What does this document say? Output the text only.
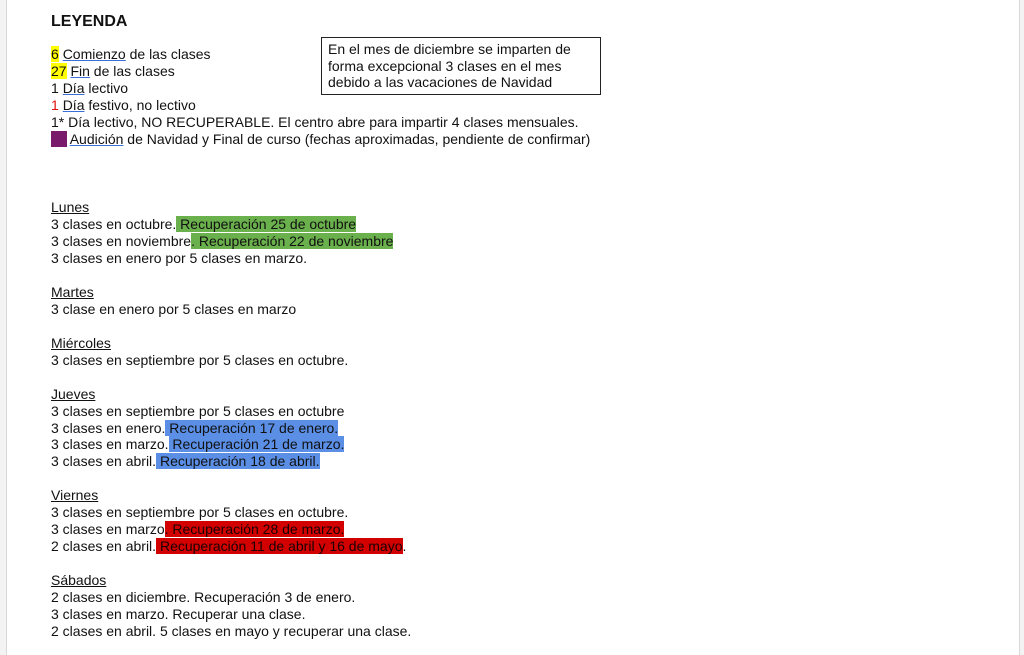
LEYENDA
6 Comienzo de las clases
27 Fin de las clases
1 Día lectivo
1 Día festivo, no lectivo
1* Día lectivo, NO RECUPERABLE. El centro abre para impartir 4 clases mensuales.
20 Audición de Navidad y Final de curso (fechas aproximadas, pendiente de confirmar)
Lunes
3 clases en octubre. Recuperación 25 de octubre
3 clases en noviembre. Recuperación 22 de noviembre
3 clases en enero por 5 clases en marzo.
Martes
3 clase en enero por 5 clases en marzo
Miércoles
3 clases en septiembre por 5 clases en octubre.
Jueves
3 clases en septiembre por 5 clases en octubre
3 clases en enero. Recuperación 17 de enero.
3 clases en marzo. Recuperación 21 de marzo.
3 clases en abril. Recuperación 18 de abril.
Viernes
3 clases en septiembre por 5 clases en octubre.
3 clases en marzo. Recuperación 28 de marzo.
2 clases en abril. Recuperación 11 de abril y 16 de mayo.
Sábados
2 clases en diciembre. Recuperación 3 de enero.
3 clases en marzo. Recuperar una clase.
2 clases en abril. 5 clases en mayo y recuperar una clase.
En el mes de diciembre se imparten de forma excepcional 3 clases en el mes debido a las vacaciones de Navidad
